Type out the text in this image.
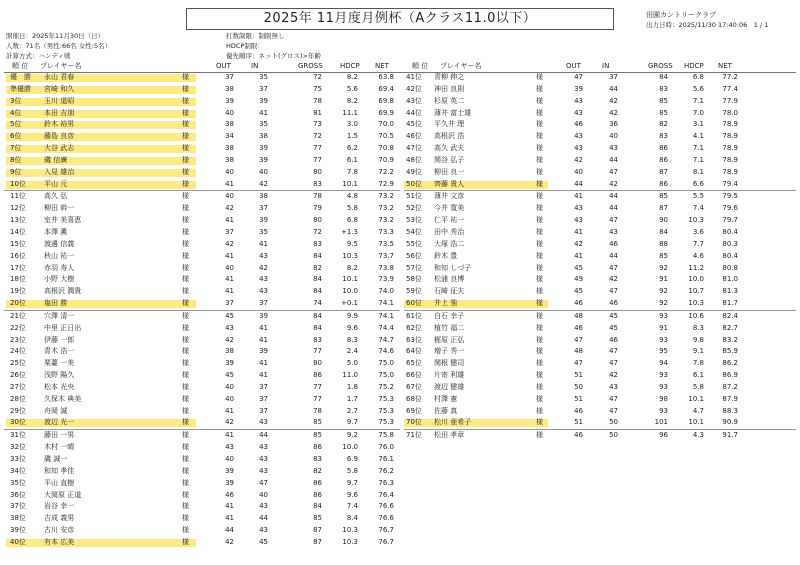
2025年 11月度月例杯（Aクラス11.0以下）	田園カントリークラブ
出力日時：2025/11/30 17:40:06　1 / 1
開催日：2025年11月30日（日）
人数：71名（男性:66名 女性:5名）
計算方式：ハンディ戦
打数制限：制限無し
HDCP制限：
優先順序：ネット(グロス)>年齢
順 位 プレイヤー名	OUT	IN	GROSS HDCP NET	順 位 プレイヤー名	OUT	IN	GROSS HDCP NET
優　勝 永山 君春	様	37	35	72	8.2	63.8
準優勝 宮崎 和久	様	38	37	75	5.6	69.4
3位	玉川 道昭	様	39	39	78	8.2	69.8
4位	本田 吉朋	様	40	41	81	11.1	69.9
5位	鈴木 裕男	様	38	35	73	3.0	70.0
6位	藤島 良彦	様	34	38	72	1.5	70.5
7位	大谷 武志	様	38	39	77	6.2	70.8
8位	磯 信廣	様	38	39	77	6.1	70.9
9位	入見 雄治	様	40	40	80	7.8	72.2
10位	平山 元	様	41	42	83	10.1	72.9
11位	高久 弘	様	40	38	78	4.8	73.2
12位	柳田 幹一	様	42	37	79	5.8	73.2
13位	室井 美喜恵	様	41	39	80	6.8	73.2
14位	本澤 薫	様	37	35	72	+1.3	73.3
15位	渡邊 信義	様	42	41	83	9.5	73.5
16位	秋山 祐一	様	41	43	84	10.3	73.7
17位	赤羽 寿人	様	40	42	82	8.2	73.8
18位	小野 大樹	様	41	43	84	10.1	73.9
19位	高根沢 潤貴	様	41	43	84	10.0	74.0
20位	塩田 勝	様	37	37	74	+0.1	74.1
21位	穴澤 清一	様	45	39	84	9.9	74.1
22位	中里 正日出	様	43	41	84	9.6	74.4
23位	伊藤 一郎	様	42	41	83	8.3	74.7
24位	青木 浩一	様	38	39	77	2.4	74.6
25位	栗薹 一美	様	39	41	80	5.0	75.0
26位	浅野 陽久	様	45	41	86	11.0	75.0
27位	松本 光央	様	40	37	77	1.8	75.2
28位	久保木 典美	様	40	37	77	1.7	75.3
29位	舟岡 誠	様	41	37	78	2.7	75.3
30位	渡辺 光一	様	42	43	85	9.7	75.3
31位	藤田 一男	様	41	44	85	9.2	75.8
32位	木村 一晴	様	43	43	86	10.0	76.0
33位	磯 誠一	様	40	43	83	6.9	76.1
34位	和知 孝佳	様	39	43	82	5.8	76.2
35位	平山 直樹	様	39	47	86	9.7	76.3
36位	大岡原 正道	様	46	40	86	9.6	76.4
37位	岩谷 幸一	様	41	43	84	7.4	76.6
38位	吉成 義男	様	41	44	85	8.4	76.6
39位	古川 安彦	様	44	43	87	10.3	76.7
40位	有本 広美	様	42	45	87	10.3	76.7
41位 青柳 伸之	様	47	37	84	6.8	77.2
42位 神田 良則	様	39	44	83	5.6	77.4
43位 杉原 英二	様	43	42	85	7.1	77.9
44位 薄井 富士雄	様	43	42	85	7.0	78.0
45位 平久井 理	様	46	36	82	3.1	78.9
46位 高根沢 浩	様	43	40	83	4.1	78.9
47位 高久 武夫	様	43	43	86	7.1	78.9
48位 関谷 弘子	様	42	44	86	7.1	78.9
49位 柳田 良一	様	40	47	87	8.1	78.9
50位 齊藤 貴人	様	44	42	86	6.6	79.4
51位 薄井 文彦	様	41	44	85	5.5	79.5
52位 今井 寛美	様	43	44	87	7.4	79.6
53位 仁平 祐一	様	43	47	90	10.3	79.7
54位 田中 秀治	様	41	43	84	3.6	80.4
55位 大塚 浩二	様	42	46	88	7.7	80.3
56位 鈴木 豊	様	41	44	85	4.6	80.4
57位 和知 しづ子	様	45	47	92	11.2	80.8
58位 松浦 良博	様	49	42	91	10.0	81.0
59位 石崎 征夫	様	45	47	92	10.7	81.3
60位 井上 強	様	46	46	92	10.3	81.7
61位 白石 幸子	様	48	45	93	10.6	82.4
62位 植竹 福二	様	46	45	91	8.3	82.7
63位 梶原 正弘	様	47	46	93	9.8	83.2
64位 増子 秀一	様	48	47	95	9.1	85.9
65位 関根 健司	様	47	47	94	7.8	86.2
66位 片寄 利雄	様	51	42	93	6.1	86.9
67位 渡辺 健雄	様	50	43	93	5.8	87.2
68位 村澤 憲	様	51	47	98	10.1	87.9
69位 佐藤 真	様	46	47	93	4.7	88.3
70位 松川 亜希子	様	51	50	101	10.1	90.9
71位 松田 孝章	様	46	50	96	4.3	91.7
